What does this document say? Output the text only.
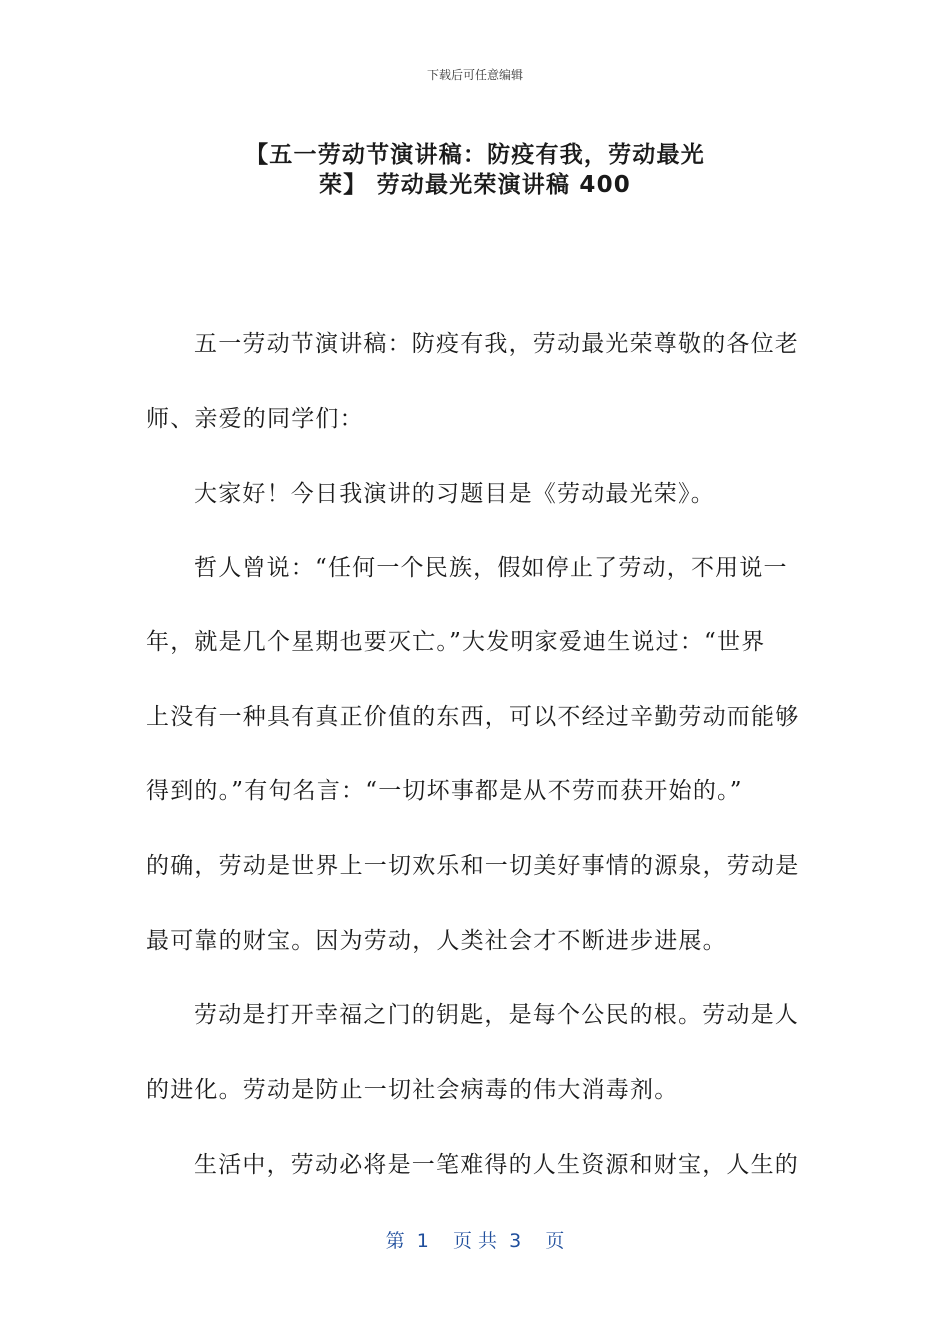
下载后可任意编辑
【五一劳动节演讲稿：防疫有我，劳动最光
荣】 劳动最光荣演讲稿 400
五一劳动节演讲稿：防疫有我，劳动最光荣尊敬的各位老
师、亲爱的同学们：
大家好！今日我演讲的习题目是《劳动最光荣》。
哲人曾说：“任何一个民族，假如停止了劳动，不用说一
年，就是几个星期也要灭亡。”大发明家爱迪生说过：“世界
上没有一种具有真正价值的东西，可以不经过辛勤劳动而能够
得到的。”有句名言：“一切坏事都是从不劳而获开始的。”
的确，劳动是世界上一切欢乐和一切美好事情的源泉，劳动是
最可靠的财宝。因为劳动，人类社会才不断进步进展。
劳动是打开幸福之门的钥匙，是每个公民的根。劳动是人
的进化。劳动是防止一切社会病毒的伟大消毒剂。
生活中，劳动必将是一笔难得的人生资源和财宝，人生的
第  1    页 共  3    页
